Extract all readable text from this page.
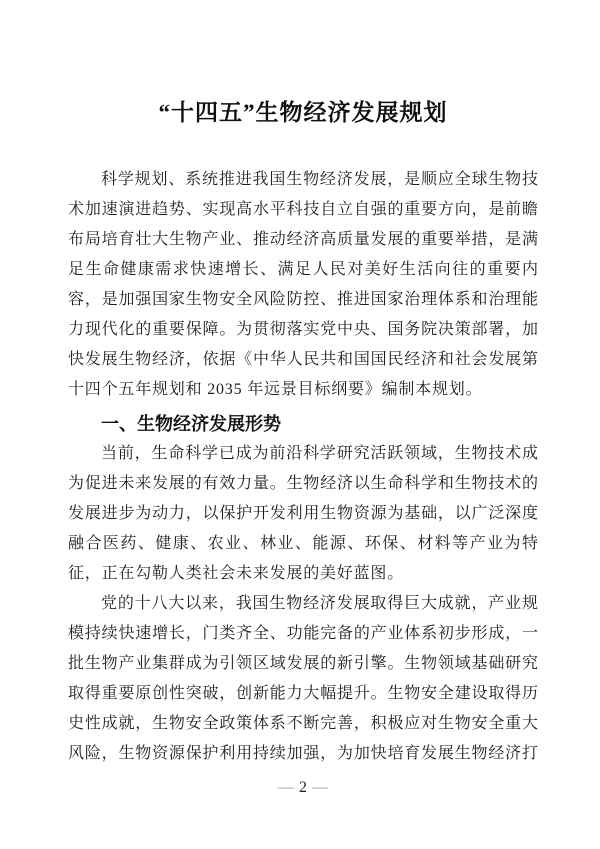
“十四五”生物经济发展规划
科学规划、系统推进我国生物经济发展，是顺应全球生物技
术加速演进趋势、实现高水平科技自立自强的重要方向，是前瞻
布局培育壮大生物产业、推动经济高质量发展的重要举措，是满
足生命健康需求快速增长、满足人民对美好生活向往的重要内
容，是加强国家生物安全风险防控、推进国家治理体系和治理能
力现代化的重要保障。为贯彻落实党中央、国务院决策部署，加
快发展生物经济，依据《中华人民共和国国民经济和社会发展第
十四个五年规划和 2035 年远景目标纲要》编制本规划。
一、生物经济发展形势
当前，生命科学已成为前沿科学研究活跃领域，生物技术成
为促进未来发展的有效力量。生物经济以生命科学和生物技术的
发展进步为动力，以保护开发利用生物资源为基础，以广泛深度
融合医药、健康、农业、林业、能源、环保、材料等产业为特
征，正在勾勒人类社会未来发展的美好蓝图。
党的十八大以来，我国生物经济发展取得巨大成就，产业规
模持续快速增长，门类齐全、功能完备的产业体系初步形成，一
批生物产业集群成为引领区域发展的新引擎。生物领域基础研究
取得重要原创性突破，创新能力大幅提升。生物安全建设取得历
史性成就，生物安全政策体系不断完善，积极应对生物安全重大
风险，生物资源保护利用持续加强，为加快培育发展生物经济打
— 2 —
